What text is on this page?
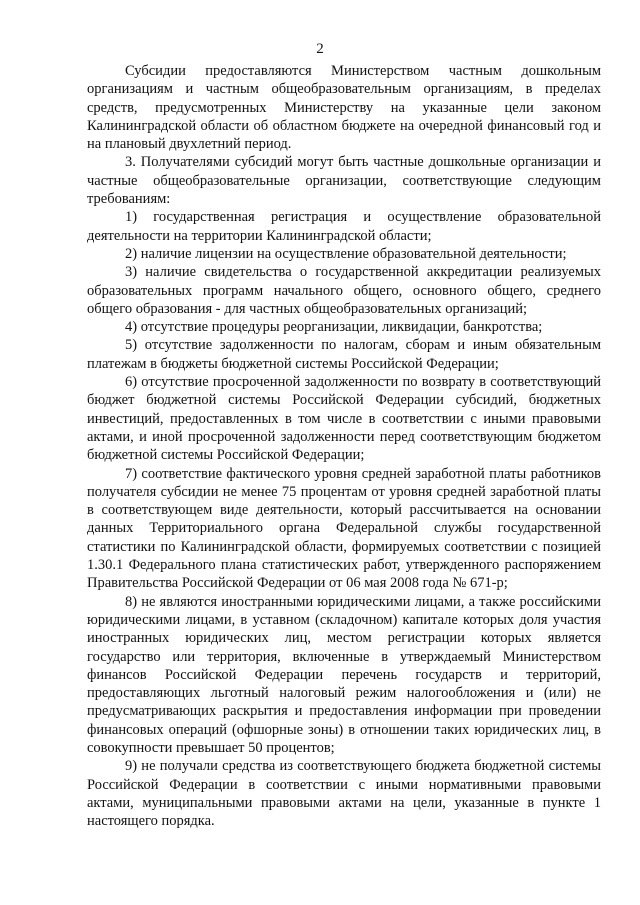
2

Субсидии предоставляются Министерством частным дошкольным организациям и частным общеобразовательным организациям, в пределах средств, предусмотренных Министерству на указанные цели законом Калининградской области об областном бюджете на очередной финансовый год и на плановый двухлетний период.

3. Получателями субсидий могут быть частные дошкольные организации и частные общеобразовательные организации, соответствующие следующим требованиям:

1) государственная регистрация и осуществление образовательной деятельности на территории Калининградской области;

2) наличие лицензии на осуществление образовательной деятельности;

3) наличие свидетельства о государственной аккредитации реализуемых образовательных программ начального общего, основного общего, среднего общего образования - для частных общеобразовательных организаций;

4) отсутствие процедуры реорганизации, ликвидации, банкротства;

5) отсутствие задолженности по налогам, сборам и иным обязательным платежам в бюджеты бюджетной системы Российской Федерации;

6) отсутствие просроченной задолженности по возврату в соответствующий бюджет бюджетной системы Российской Федерации субсидий, бюджетных инвестиций, предоставленных в том числе в соответствии с иными правовыми актами, и иной просроченной задолженности перед соответствующим бюджетом бюджетной системы Российской Федерации;

7) соответствие фактического уровня средней заработной платы работников получателя субсидии не менее 75 процентам от уровня средней заработной платы в соответствующем виде деятельности, который рассчитывается на основании данных Территориального органа Федеральной службы государственной статистики по Калининградской области, формируемых соответствии с позицией 1.30.1 Федерального плана статистических работ, утвержденного распоряжением Правительства Российской Федерации от 06 мая 2008 года № 671-р;

8) не являются иностранными юридическими лицами, а также российскими юридическими лицами, в уставном (складочном) капитале которых доля участия иностранных юридических лиц, местом регистрации которых является государство или территория, включенные в утверждаемый Министерством финансов Российской Федерации перечень государств и территорий, предоставляющих льготный налоговый режим налогообложения и (или) не предусматривающих раскрытия и предоставления информации при проведении финансовых операций (офшорные зоны) в отношении таких юридических лиц, в совокупности превышает 50 процентов;

9) не получали средства из соответствующего бюджета бюджетной системы Российской Федерации в соответствии с иными нормативными правовыми актами, муниципальными правовыми актами на цели, указанные в пункте 1 настоящего порядка.
